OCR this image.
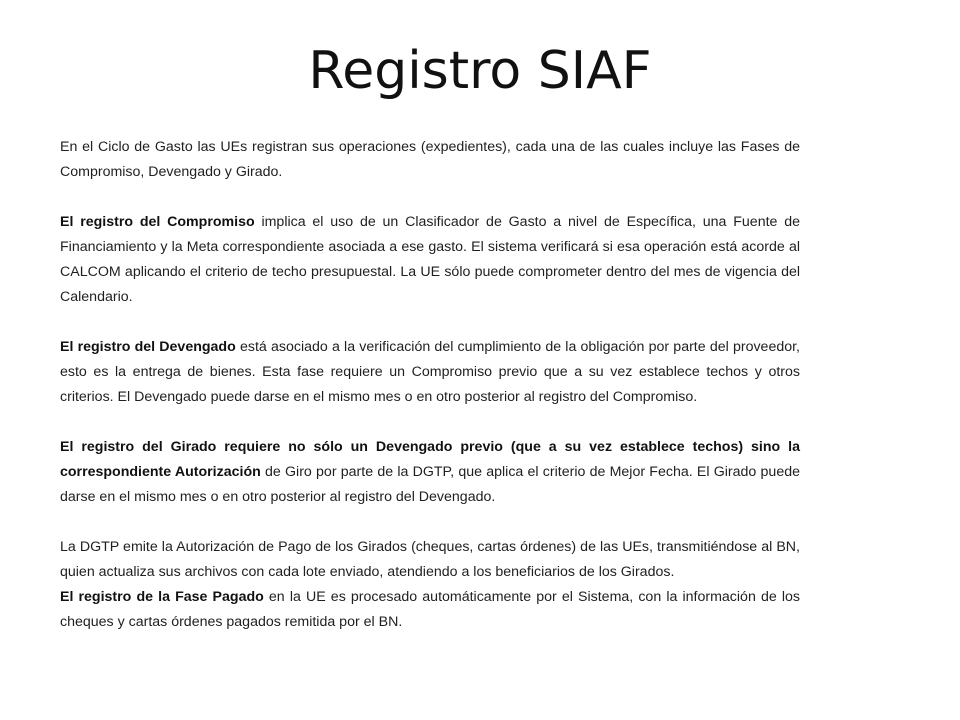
Registro SIAF

En el Ciclo de Gasto las UEs registran sus operaciones (expedientes), cada una de las cuales incluye las Fases de Compromiso, Devengado y Girado.

El registro del Compromiso implica el uso de un Clasificador de Gasto a nivel de Específica, una Fuente de Financiamiento y la Meta correspondiente asociada a ese gasto. El sistema verificará si esa operación está acorde al CALCOM aplicando el criterio de techo presupuestal. La UE sólo puede comprometer dentro del mes de vigencia del Calendario.

El registro del Devengado está asociado a la verificación del cumplimiento de la obligación por parte del proveedor, esto es la entrega de bienes. Esta fase requiere un Compromiso previo que a su vez establece techos y otros criterios. El Devengado puede darse en el mismo mes o en otro posterior al registro del Compromiso.

El registro del Girado requiere no sólo un Devengado previo (que a su vez establece techos) sino la correspondiente Autorización de Giro por parte de la DGTP, que aplica el criterio de Mejor Fecha. El Girado puede darse en el mismo mes o en otro posterior al registro del Devengado.

La DGTP emite la Autorización de Pago de los Girados (cheques, cartas órdenes) de las UEs, transmitiéndose al BN, quien actualiza sus archivos con cada lote enviado, atendiendo a los beneficiarios de los Girados.

El registro de la Fase Pagado en la UE es procesado automáticamente por el Sistema, con la información de los cheques y cartas órdenes pagados remitida por el BN.
